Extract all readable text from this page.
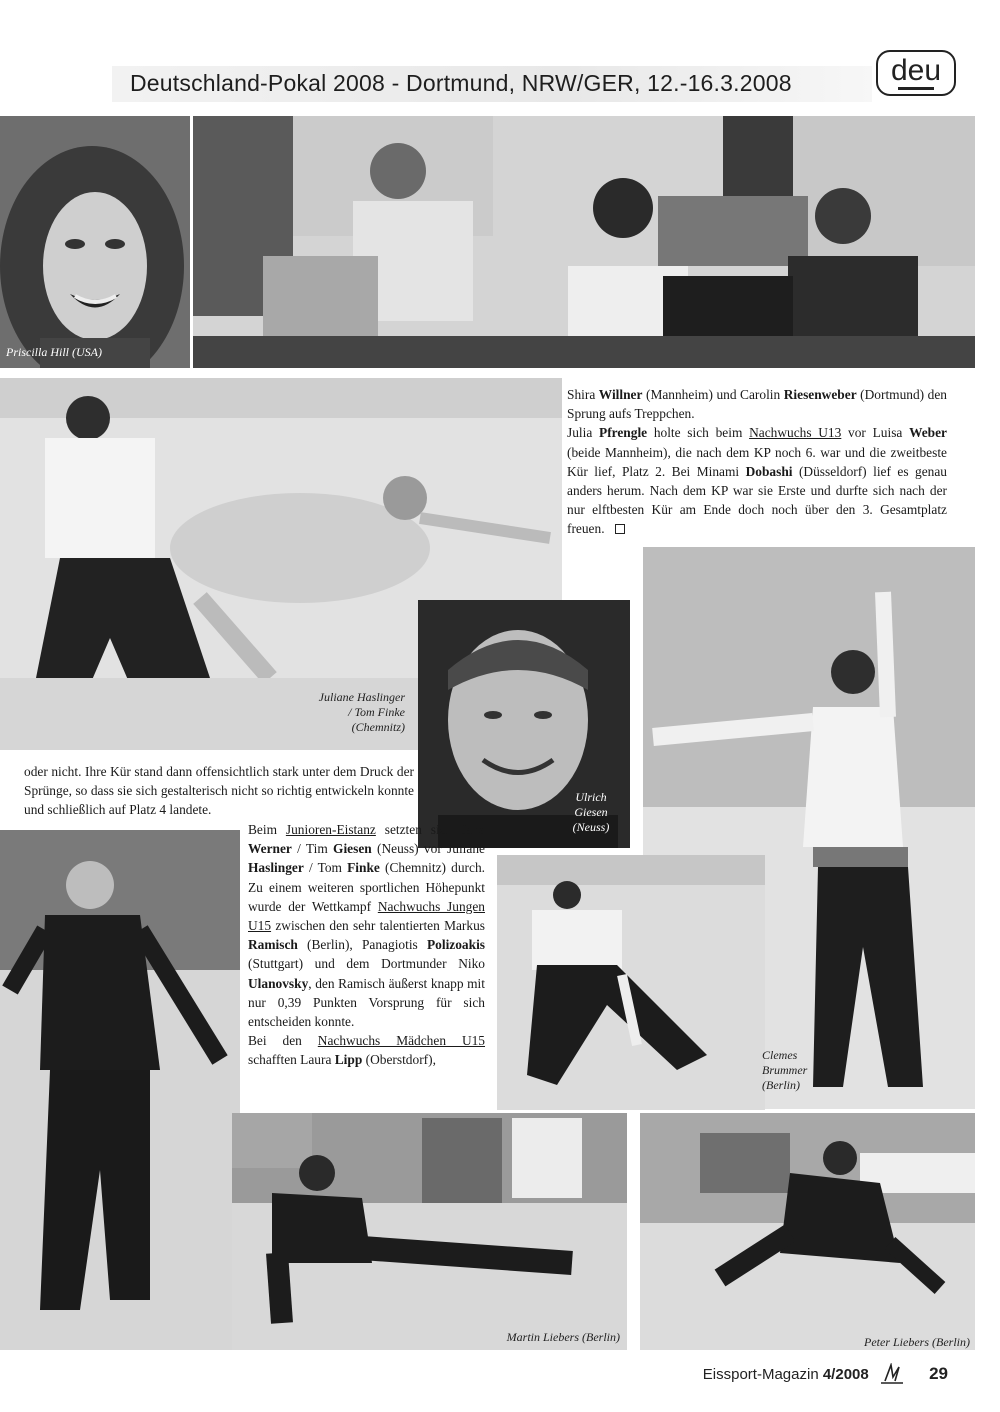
Deutschland-Pokal 2008 - Dortmund, NRW/GER, 12.-16.3.2008	deu
Priscilla Hill (USA)
Juliane Haslinger
/ Tom Finke
(Chemnitz)

Shira Willner (Mannheim) und Carolin Riesenweber (Dortmund) den Sprung aufs Treppchen.

Julia Pfrengle holte sich beim Nachwuchs U13 vor Luisa Weber (beide Mannheim), die nach dem KP noch 6. war und die zweitbeste Kür lief, Platz 2. Bei Minami Dobashi (Düsseldorf) lief es genau anders herum. Nach dem KP war sie Erste und durfte sich nach der nur elftbesten Kür am Ende doch noch über den 3. Gesamtplatz freuen.

Ulrich
Giesen
(Neuss)
oder nicht. Ihre Kür stand dann offensichtlich stark unter dem Druck der Sprünge, so dass sie sich gestalterisch nicht so richtig entwickeln konnte und schließlich auf Platz 4 landete.
Clemes
Brummer
(Berlin)

Beim Junioren-Eistanz setzten sich Jana Werner / Tim Giesen (Neuss) vor Juliane Haslinger / Tom Finke (Chemnitz) durch. Zu einem weiteren sportlichen Höhepunkt wurde der Wettkampf Nachwuchs Jungen U15 zwischen den sehr talentierten Markus Ramisch (Berlin), Panagiotis Polizoakis (Stuttgart) und dem Dortmunder Niko Ulanovsky, den Ramisch äußerst knapp mit nur 0,39 Punkten Vorsprung für sich entscheiden konnte.

Bei den Nachwuchs Mädchen U15 schafften Laura Lipp (Oberstdorf),

Martin Liebers (Berlin)	Peter Liebers (Berlin)
Eissport-Magazin 4/2008	29
